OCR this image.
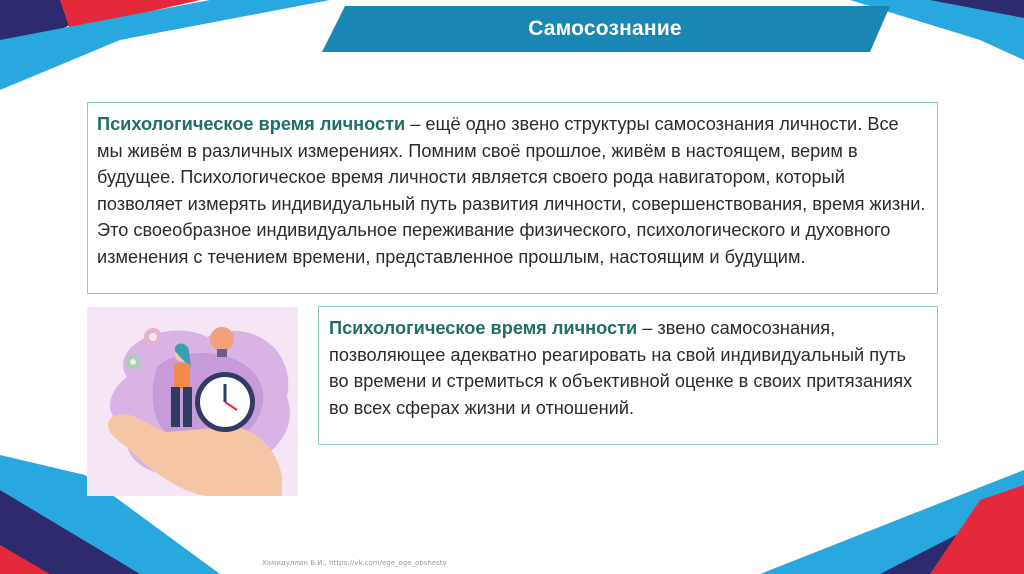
Самосознание
Психологическое время личности – ещё одно звено структуры самосознания личности. Все мы живём в различных измерениях. Помним своё прошлое, живём в настоящем, верим в будущее. Психологическое время личности является своего рода навигатором, который позволяет измерять индивидуальный путь развития личности, совершенствования, время жизни. Это своеобразное индивидуальное переживание физического, психологического и духовного изменения с течением времени, представленное прошлым, настоящим и будущим.
Психологическое время личности – звено самосознания, позволяющее адекватно реагировать на свой индивидуальный путь во времени и стремиться к объективной оценке в своих притязаниях во всех сферах жизни и отношений.
Хамидуллин Б.И., https://vk.com/ege_oge_obshestv
